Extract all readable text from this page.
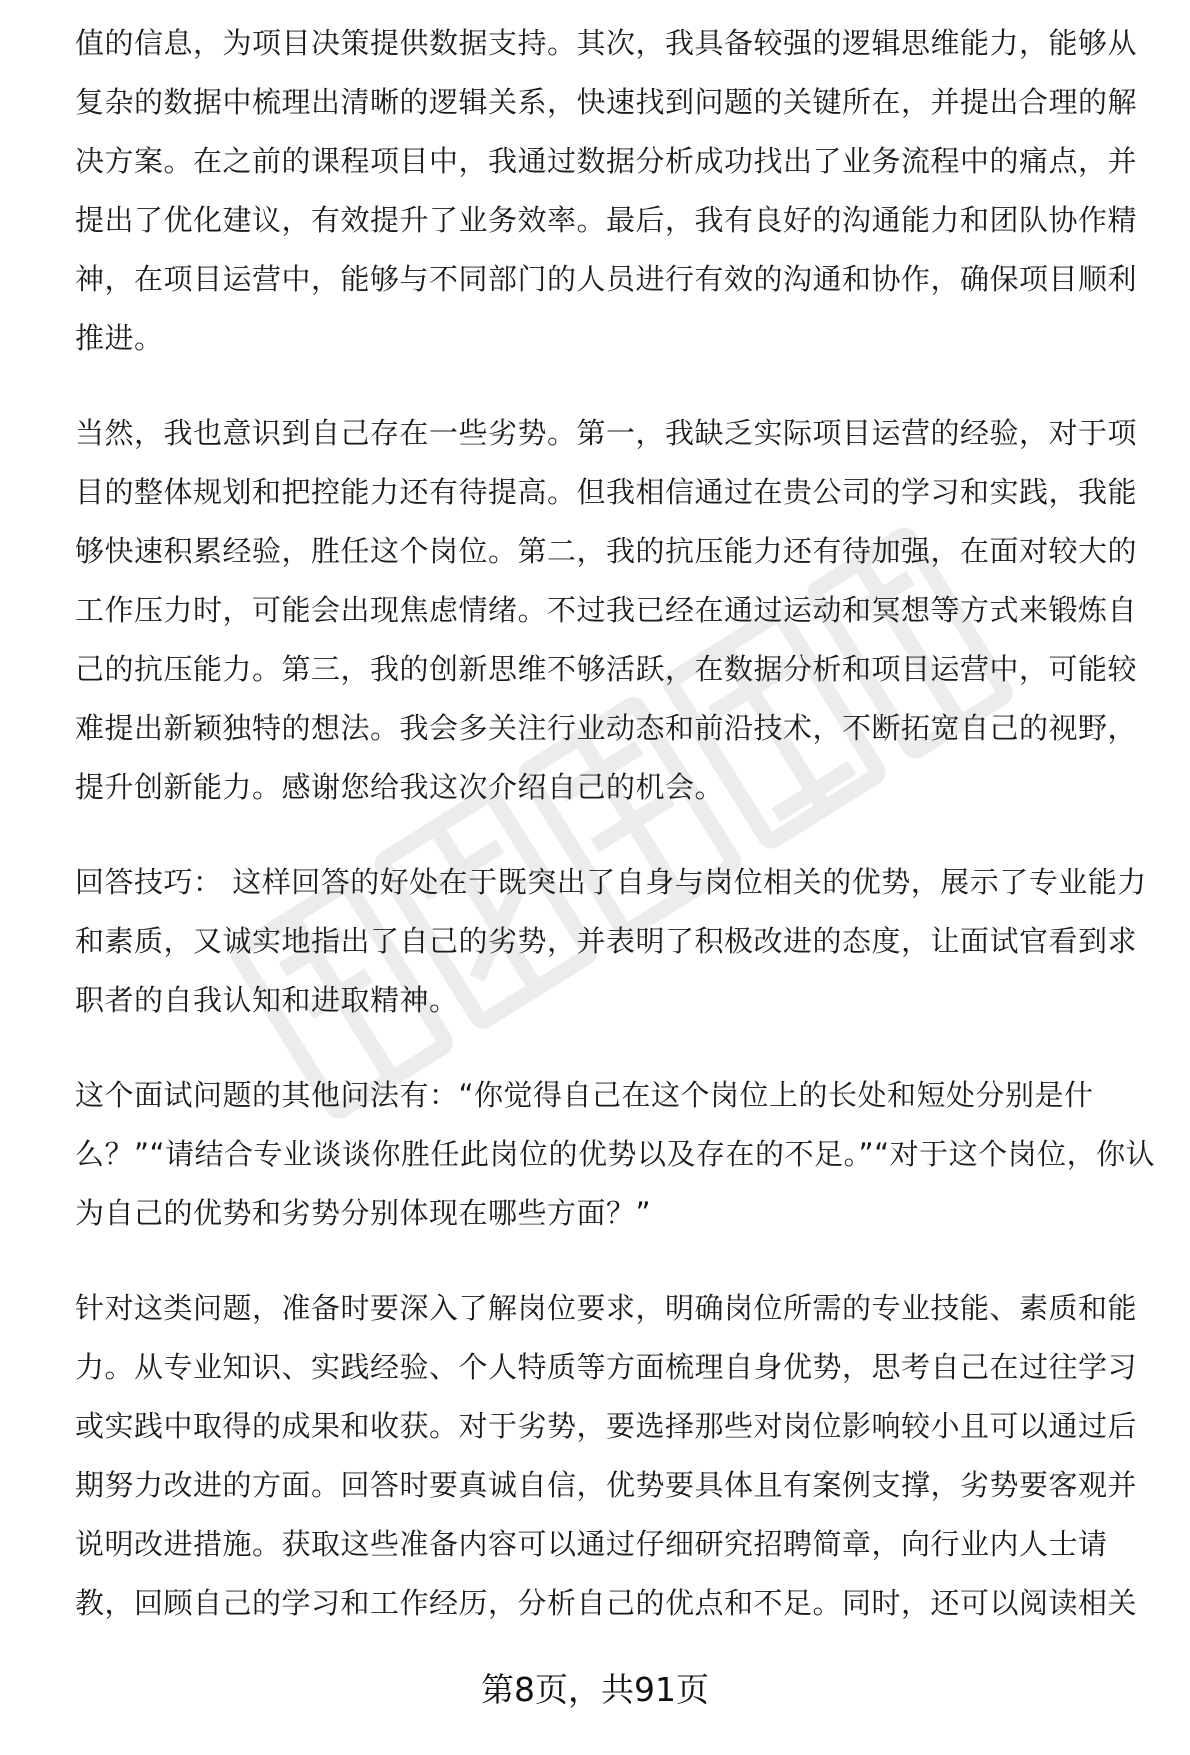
值的信息，为项目决策提供数据支持。其次，我具备较强的逻辑思维能力，能够从
复杂的数据中梳理出清晰的逻辑关系，快速找到问题的关键所在，并提出合理的解
决方案。在之前的课程项目中，我通过数据分析成功找出了业务流程中的痛点，并
提出了优化建议，有效提升了业务效率。最后，我有良好的沟通能力和团队协作精
神，在项目运营中，能够与不同部门的人员进行有效的沟通和协作，确保项目顺利
推进。

当然，我也意识到自己存在一些劣势。第一，我缺乏实际项目运营的经验，对于项
目的整体规划和把控能力还有待提高。但我相信通过在贵公司的学习和实践，我能
够快速积累经验，胜任这个岗位。第二，我的抗压能力还有待加强，在面对较大的
工作压力时，可能会出现焦虑情绪。不过我已经在通过运动和冥想等方式来锻炼自
己的抗压能力。第三，我的创新思维不够活跃，在数据分析和项目运营中，可能较
难提出新颖独特的想法。我会多关注行业动态和前沿技术，不断拓宽自己的视野，
提升创新能力。感谢您给我这次介绍自己的机会。

回答技巧： 这样回答的好处在于既突出了自身与岗位相关的优势，展示了专业能力
和素质，又诚实地指出了自己的劣势，并表明了积极改进的态度，让面试官看到求
职者的自我认知和进取精神。

这个面试问题的其他问法有：“你觉得自己在这个岗位上的长处和短处分别是什
么？”“请结合专业谈谈你胜任此岗位的优势以及存在的不足。”“对于这个岗位，你认
为自己的优势和劣势分别体现在哪些方面？”

针对这类问题，准备时要深入了解岗位要求，明确岗位所需的专业技能、素质和能
力。从专业知识、实践经验、个人特质等方面梳理自身优势，思考自己在过往学习
或实践中取得的成果和收获。对于劣势，要选择那些对岗位影响较小且可以通过后
期努力改进的方面。回答时要真诚自信，优势要具体且有案例支撑，劣势要客观并
说明改进措施。获取这些准备内容可以通过仔细研究招聘简章，向行业内人士请
教，回顾自己的学习和工作经历，分析自己的优点和不足。同时，还可以阅读相关

第8页，共91页
